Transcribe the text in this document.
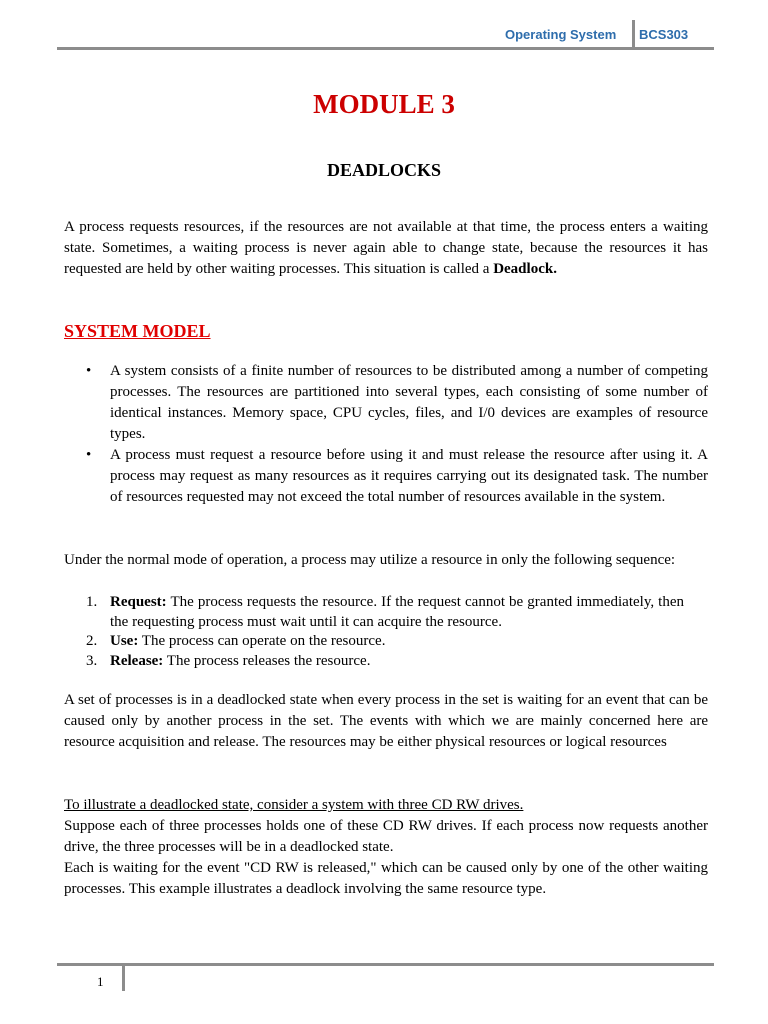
Operating System BCS303
MODULE 3
DEADLOCKS

A process requests resources, if the resources are not available at that time, the process enters a waiting state. Sometimes, a waiting process is never again able to change state, because the resources it has requested are held by other waiting processes. This situation is called a Deadlock.

SYSTEM MODEL
• A system consists of a finite number of resources to be distributed among a number of competing processes. The resources are partitioned into several types, each consisting of some number of identical instances. Memory space, CPU cycles, files, and I/0 devices are examples of resource types.
• A process must request a resource before using it and must release the resource after using it. A process may request as many resources as it requires carrying out its designated task. The number of resources requested may not exceed the total number of resources available in the system.

Under the normal mode of operation, a process may utilize a resource in only the following sequence:

1. Request: The process requests the resource. If the request cannot be granted immediately, then the requesting process must wait until it can acquire the resource.
2. Use: The process can operate on the resource.
3. Release: The process releases the resource.

A set of processes is in a deadlocked state when every process in the set is waiting for an event that can be caused only by another process in the set. The events with which we are mainly concerned here are resource acquisition and release. The resources may be either physical resources or logical resources

To illustrate a deadlocked state, consider a system with three CD RW drives.
Suppose each of three processes holds one of these CD RW drives. If each process now requests another drive, the three processes will be in a deadlocked state.
Each is waiting for the event "CD RW is released," which can be caused only by one of the other waiting processes. This example illustrates a deadlock involving the same resource type.
1
